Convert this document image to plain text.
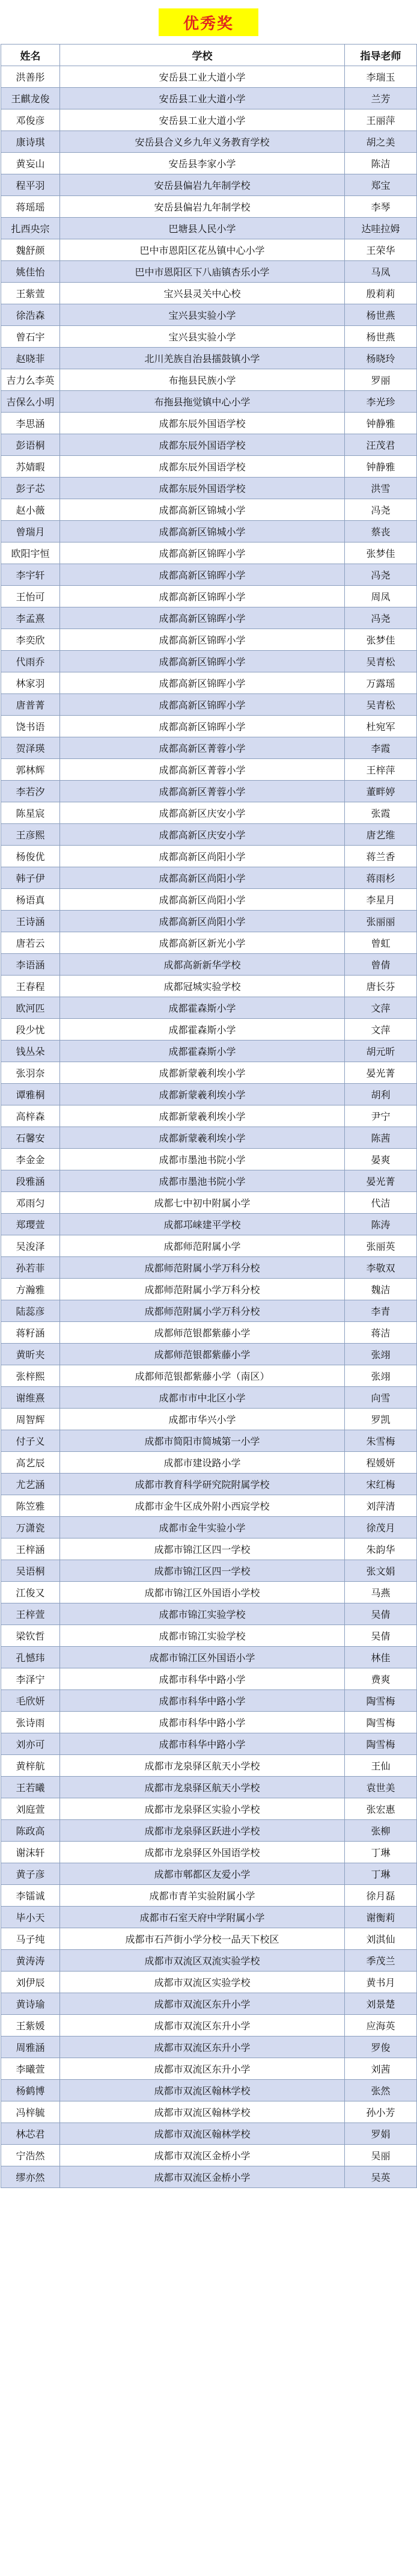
优秀奖
姓名	学校	指导老师
洪善彤	安岳县工业大道小学	李瑞玉
王麒龙俊	安岳县工业大道小学	兰芳
邓俊彦	安岳县工业大道小学	王丽萍
康诗琪	安岳县合义乡九年义务教育学校	胡之美
黄妄山	安岳县李家小学	陈洁
程平羽	安岳县偏岩九年制学校	郑宝
蒋瑶瑶	安岳县偏岩九年制学校	李琴
扎西央宗	巴塘县人民小学	达哇拉姆
魏舒颜	巴中市恩阳区花丛镇中心小学	王荣华
姚佳怡	巴中市恩阳区下八庙镇杏乐小学	马凤
王紫萱	宝兴县灵关中心校	殷莉莉
徐浩森	宝兴县实验小学	杨世燕
曾石宇	宝兴县实验小学	杨世燕
赵晓菲	北川羌族自治县擂鼓镇小学	杨晓玲
吉力么李英	布拖县民族小学	罗丽
吉保么小明	布拖县拖觉镇中心小学	李光珍
李思涵	成都东辰外国语学校	钟静雅
彭语桐	成都东辰外国语学校	汪茂君
苏婧暇	成都东辰外国语学校	钟静雅
彭子芯	成都东辰外国语学校	洪雪
赵小薇	成都高新区锦城小学	冯尧
曾瑞月	成都高新区锦城小学	蔡丧
欧阳宇恒	成都高新区锦晖小学	张梦佳
李宇轩	成都高新区锦晖小学	冯尧
王怡可	成都高新区锦晖小学	周凤
李孟熹	成都高新区锦晖小学	冯尧
李奕欣	成都高新区锦晖小学	张梦佳
代雨乔	成都高新区锦晖小学	吴青松
林家羽	成都高新区锦晖小学	万露瑶
唐普菁	成都高新区锦晖小学	吴青松
饶书语	成都高新区锦晖小学	杜宛军
贺泽瑛	成都高新区菁蓉小学	李霞
郭林辉	成都高新区菁蓉小学	王梓萍
李若汐	成都高新区菁蓉小学	董畔婷
陈星宸	成都高新区庆安小学	张霞
王彦熙	成都高新区庆安小学	唐艺维
杨俊优	成都高新区尚阳小学	蒋兰香
韩子伊	成都高新区尚阳小学	蒋雨杉
杨语真	成都高新区尚阳小学	李星月
王诗涵	成都高新区尚阳小学	张丽丽
唐若云	成都高新区新光小学	曾虹
李语涵	成都高新新华学校	曾倩
王春程	成都冠城实验学校	唐长芬
欧河匹	成都霍森斯小学	文萍
段少忧	成都霍森斯小学	文萍
钱丛朵	成都霍森斯小学	胡元昕
张羽奈	成都新蒙羲利埃小学	晏光菁
谭雅桐	成都新蒙羲利埃小学	胡利
高梓森	成都新蒙羲利埃小学	尹宁
石馨安	成都新蒙羲利埃小学	陈茜
李金金	成都市墨池书院小学	晏爽
段雅涵	成都市墨池书院小学	晏光菁
邓雨匀	成都七中初中附属小学	代洁
郑璎萱	成都邛崃建平学校	陈涛
吴浚泽	成都师范附属小学	张丽英
孙若菲	成都师范附属小学万科分校	李敬双
方瀚雅	成都师范附属小学万科分校	魏洁
陆蕊彦	成都师范附属小学万科分校	李青
蒋籽涵	成都师范银都紫藤小学	蒋洁
黄昕夹	成都师范银都紫藤小学	张翊
张梓熙	成都师范银都紫藤小学（南区）	张翊
谢维熹	成都市市中北区小学	向雪
周智辉	成都市华兴小学	罗凯
付子义	成都市简阳市简城第一小学	朱雪梅
高艺辰	成都市建设路小学	程媛妍
尤艺涵	成都市教育科学研究院附属学校	宋红梅
陈笠雅	成都市金牛区成外附小西宸学校	刘萍清
万潇瓷	成都市金牛实验小学	徐茂月
王梓涵	成都市锦江区四一学校	朱韵华
吴语桐	成都市锦江区四一学校	张文娟
江俊又	成都市锦江区外国语小学校	马燕
王梓萱	成都市锦江实验学校	吴倩
梁钦哲	成都市锦江实验学校	吴倩
孔憾玮	成都市锦江区外国语小学	林佳
李泽宁	成都市科华中路小学	费爽
毛欣妍	成都市科华中路小学	陶雪梅
张诗雨	成都市科华中路小学	陶雪梅
刘亦可	成都市科华中路小学	陶雪梅
黄梓航	成都市龙泉驿区航天小学校	王仙
王若曦	成都市龙泉驿区航天小学校	袁世美
刘庭萱	成都市龙泉驿区实验小学校	张宏惠
陈政高	成都市龙泉驿区跃进小学校	张柳
谢沫轩	成都市龙泉驿区外国语学校	丁琳
黄子彦	成都市郫都区友爱小学	丁琳
李镭诚	成都市青羊实验附属小学	徐月磊
毕小天	成都市石室天府中学附属小学	谢衡莉
马子纯	成都市石芦街小学分校一品天下校区	刘淇仙
黄涛涛	成都市双流区双流实验学校	季茂兰
刘伊辰	成都市双流区实验学校	黄书月
黄诗瑜	成都市双流区东升小学	刘景楚
王紫媛	成都市双流区东升小学	应海英
周雅涵	成都市双流区东升小学	罗俊
李曦萱	成都市双流区东升小学	刘茜
杨鹤博	成都市双流区翰林学校	张然
冯梓毓	成都市双流区翰林学校	孙小芳
林芯君	成都市双流区翰林学校	罗娟
宁浩然	成都市双流区金桥小学	吴丽
缪亦然	成都市双流区金桥小学	吴英
